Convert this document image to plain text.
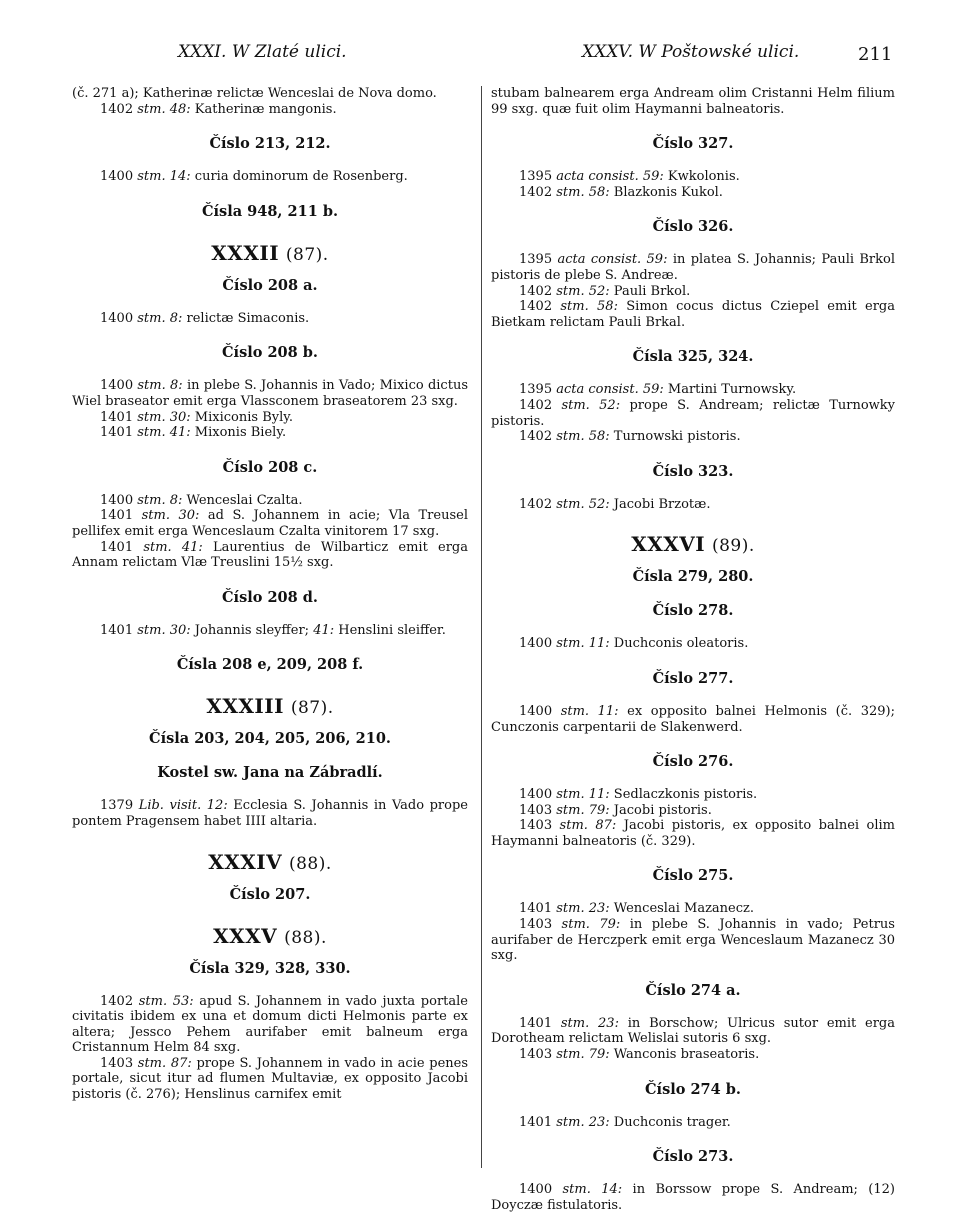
XXXI. W Zlaté ulici.	XXXV. W Poštowské ulici.	211

(č. 271 a); Katherinæ relictæ Wenceslai de Nova domo.

1402 stm. 48: Katherinæ mangonis.

Číslo 213, 212.

1400 stm. 14: curia dominorum de Rosenberg.

Čísla 948, 211 b.
XXXII (87).
Číslo 208 a.

1400 stm. 8: relictæ Simaconis.

Číslo 208 b.

1400 stm. 8: in plebe S. Johannis in Vado; Mixico dictus Wiel braseator emit erga Vlassconem braseatorem 23 sxg.

1401 stm. 30: Mixiconis Byly.

1401 stm. 41: Mixonis Biely.

Číslo 208 c.

1400 stm. 8: Wenceslai Czalta.

1401 stm. 30: ad S. Johannem in acie; Vla Treusel pellifex emit erga Wenceslaum Czalta vinitorem 17 sxg.

1401 stm. 41: Laurentius de Wilbarticz emit erga Annam relictam Vlæ Treuslini 15½ sxg.

Číslo 208 d.

1401 stm. 30: Johannis sleyffer; 41: Henslini sleiffer.

Čísla 208 e, 209, 208 f.
XXXIII (87).
Čísla 203, 204, 205, 206, 210.
Kostel sw. Jana na Zábradlí.

1379 Lib. visit. 12: Ecclesia S. Johannis in Vado prope pontem Pragensem habet IIII altaria.

XXXIV (88).
Číslo 207.
XXXV (88).
Čísla 329, 328, 330.

1402 stm. 53: apud S. Johannem in vado juxta portale civitatis ibidem ex una et domum dicti Helmonis parte ex altera; Jessco Pehem aurifaber emit balneum erga Cristannum Helm 84 sxg.

1403 stm. 87: prope S. Johannem in vado in acie penes portale, sicut itur ad flumen Multaviæ, ex opposito Jacobi pistoris (č. 276); Henslinus carnifex emit

stubam balnearem erga Andream olim Cristanni Helm filium 99 sxg. quæ fuit olim Haymanni balneatoris.

Číslo 327.

1395 acta consist. 59: Kwkolonis.

1402 stm. 58: Blazkonis Kukol.

Číslo 326.

1395 acta consist. 59: in platea S. Johannis; Pauli Brkol pistoris de plebe S. Andreæ.

1402 stm. 52: Pauli Brkol.

1402 stm. 58: Simon cocus dictus Cziepel emit erga Bietkam relictam Pauli Brkal.

Čísla 325, 324.

1395 acta consist. 59: Martini Turnowsky.

1402 stm. 52: prope S. Andream; relictæ Turnowky pistoris.

1402 stm. 58: Turnowski pistoris.

Číslo 323.

1402 stm. 52: Jacobi Brzotæ.

XXXVI (89).
Čísla 279, 280.
Číslo 278.

1400 stm. 11: Duchconis oleatoris.

Číslo 277.

1400 stm. 11: ex opposito balnei Helmonis (č. 329); Cunczonis carpentarii de Slakenwerd.

Číslo 276.

1400 stm. 11: Sedlaczkonis pistoris.

1403 stm. 79: Jacobi pistoris.

1403 stm. 87: Jacobi pistoris, ex opposito balnei olim Haymanni balneatoris (č. 329).

Číslo 275.

1401 stm. 23: Wenceslai Mazanecz.

1403 stm. 79: in plebe S. Johannis in vado; Petrus aurifaber de Herczperk emit erga Wenceslaum Mazanecz 30 sxg.

Číslo 274 a.

1401 stm. 23: in Borschow; Ulricus sutor emit erga Dorotheam relictam Welislai sutoris 6 sxg.

1403 stm. 79: Wanconis braseatoris.

Číslo 274 b.

1401 stm. 23: Duchconis trager.

Číslo 273.

1400 stm. 14: in Borssow prope S. Andream; (12) Doyczæ fistulatoris.
